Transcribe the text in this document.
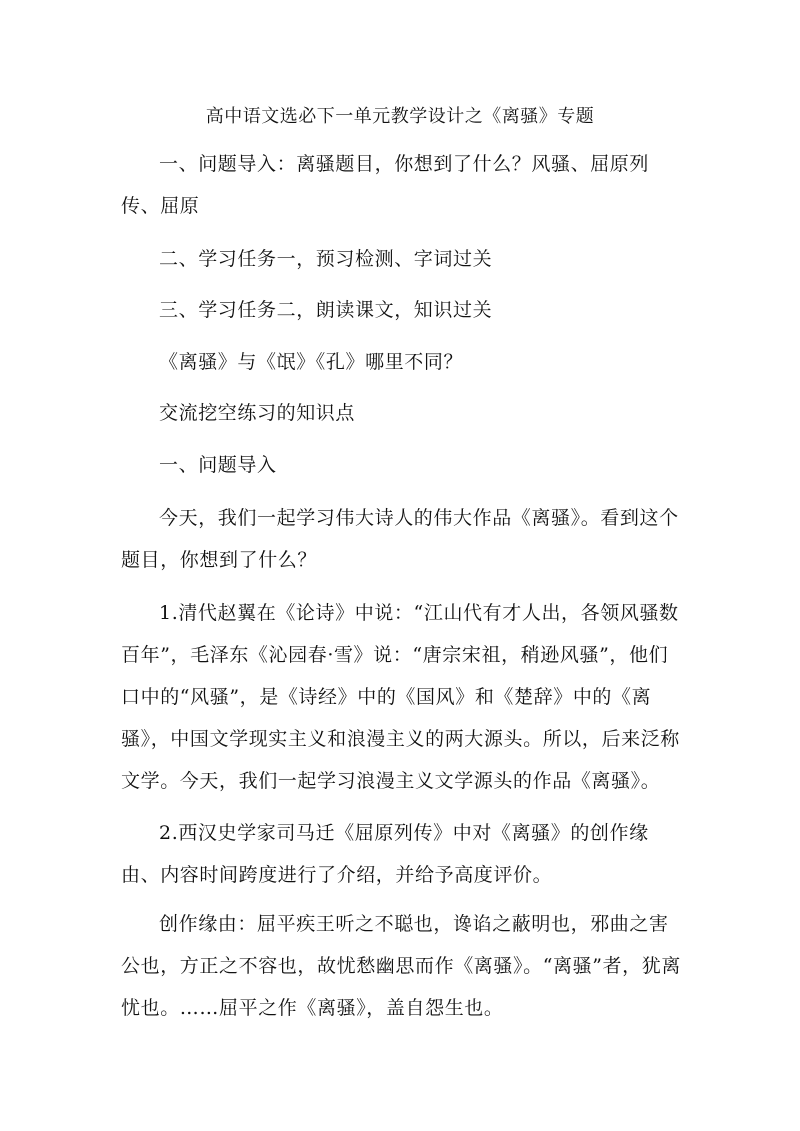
高中语文选必下一单元教学设计之《离骚》专题
一、问题导入：离骚题目，你想到了什么？风骚、屈原列传、屈原
二、学习任务一，预习检测、字词过关
三、学习任务二，朗读课文，知识过关
《离骚》与《氓》《孔》哪里不同？
交流挖空练习的知识点
一、问题导入
今天，我们一起学习伟大诗人的伟大作品《离骚》。看到这个题目，你想到了什么？
1.清代赵翼在《论诗》中说：“江山代有才人出，各领风骚数百年”，毛泽东《沁园春·雪》说：“唐宗宋祖，稍逊风骚”，他们口中的“风骚”，是《诗经》中的《国风》和《楚辞》中的《离骚》，中国文学现实主义和浪漫主义的两大源头。所以，后来泛称文学。今天，我们一起学习浪漫主义文学源头的作品《离骚》。
2.西汉史学家司马迁《屈原列传》中对《离骚》的创作缘由、内容时间跨度进行了介绍，并给予高度评价。
创作缘由：屈平疾王听之不聪也，谗谄之蔽明也，邪曲之害公也，方正之不容也，故忧愁幽思而作《离骚》。“离骚”者，犹离忧也。……屈平之作《离骚》，盖自怨生也。
